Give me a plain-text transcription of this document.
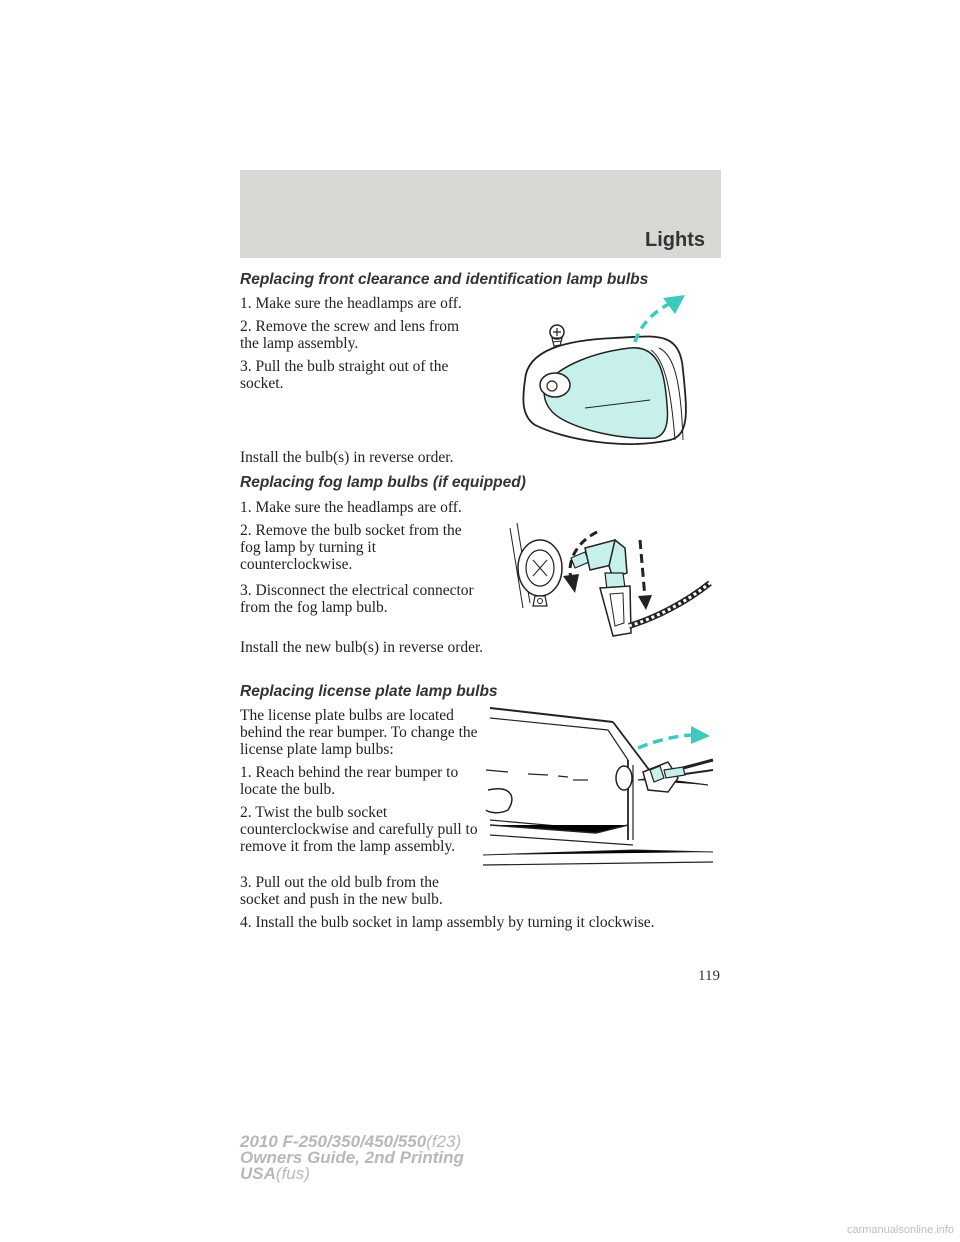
Lights
Replacing front clearance and identification lamp bulbs

1. Make sure the headlamps are off.

2. Remove the screw and lens from the lamp assembly.

3. Pull the bulb straight out of the socket.

Install the bulb(s) in reverse order.

Replacing fog lamp bulbs (if equipped)

1. Make sure the headlamps are off.

2. Remove the bulb socket from the fog lamp by turning it counterclockwise.

3. Disconnect the electrical connector from the fog lamp bulb.

Install the new bulb(s) in reverse order.

Replacing license plate lamp bulbs

The license plate bulbs are located behind the rear bumper. To change the license plate lamp bulbs:

1. Reach behind the rear bumper to locate the bulb.

2. Twist the bulb socket counterclockwise and carefully pull to remove it from the lamp assembly.

3. Pull out the old bulb from the socket and push in the new bulb.

4. Install the bulb socket in lamp assembly by turning it clockwise.

119
2010 F-250/350/450/550(f23)
Owners Guide, 2nd Printing
USA(fus)
carmanualsonline.info
